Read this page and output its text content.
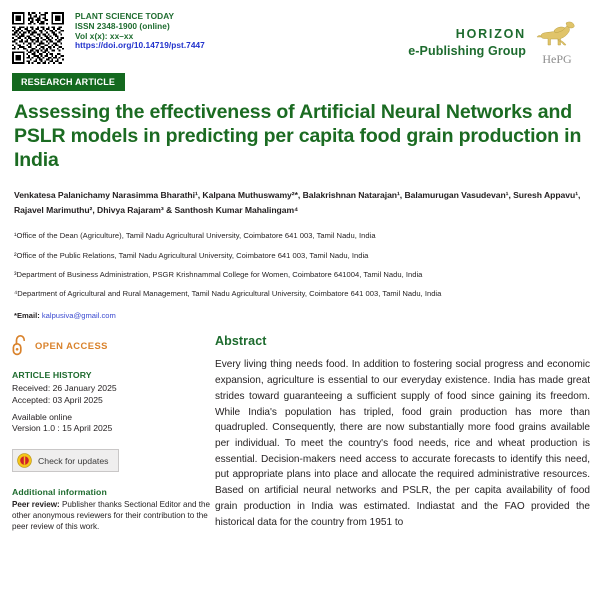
PLANT SCIENCE TODAY
ISSN 2348-1900 (online)
Vol x(x): xx–xx
https://doi.org/10.14719/pst.7447
HORIZON
e-Publishing Group
HePG
RESEARCH ARTICLE
Assessing the effectiveness of Artificial Neural Networks and PSLR models in predicting per capita food grain production in India
Venkatesa Palanichamy Narasimma Bharathi¹, Kalpana Muthuswamy²*, Balakrishnan Natarajan¹, Balamurugan Vasudevan¹, Suresh Appavu¹, Rajavel Marimuthu², Dhivya Rajaram³ & Santhosh Kumar Mahalingam⁴
¹Office of the Dean (Agriculture), Tamil Nadu Agricultural University, Coimbatore 641 003, Tamil Nadu, India
²Office of the Public Relations, Tamil Nadu Agricultural University, Coimbatore 641 003, Tamil Nadu, India
³Department of Business Administration, PSGR Krishnammal College for Women, Coimbatore 641004, Tamil Nadu, India
⁴Department of Agricultural and Rural Management, Tamil Nadu Agricultural University, Coimbatore 641 003, Tamil Nadu, India
*Email: kalpusiva@gmail.com
OPEN ACCESS
ARTICLE HISTORY
Received: 26 January 2025
Accepted: 03 April 2025
Available online
Version 1.0 : 15 April 2025
Check for updates
Additional information
Peer review: Publisher thanks Sectional Editor and the other anonymous reviewers for their contribution to the peer review of this work.
Abstract
Every living thing needs food. In addition to fostering social progress and economic expansion, agriculture is essential to our everyday existence. India has made great strides toward guaranteeing a sufficient supply of food since gaining its freedom. While India's population has tripled, food grain production has more than quadrupled. Consequently, there are now substantially more food grains available per individual. To meet the country's food needs, rice and wheat production is essential. Decision-makers need access to accurate forecasts to identify this need, put appropriate plans into place and allocate the required administrative resources. Based on artificial neural networks and PSLR, the per capita availability of food grain production in India was estimated. Indiastat and the FAO provided the historical data for the country from 1951 to
